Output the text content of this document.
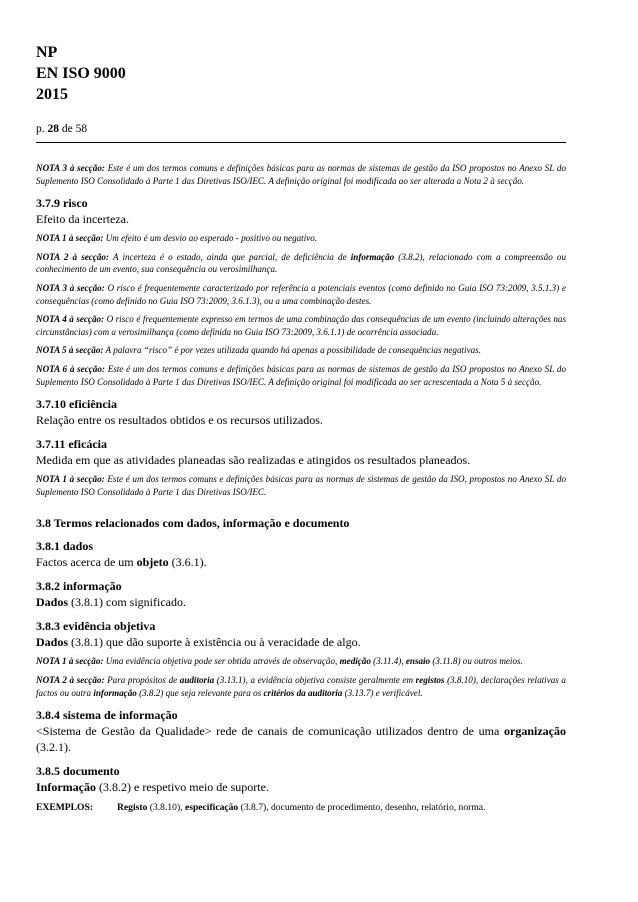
NP
EN ISO 9000
2015
p. 28 de 58

NOTA 3 à secção: Este é um dos termos comuns e definições básicas para as normas de sistemas de gestão da ISO propostos no Anexo SL do Suplemento ISO Consolidado à Parte 1 das Diretivas ISO/IEC. A definição original foi modificada ao ser alterada a Nota 2 à secção.

3.7.9 risco
Efeito da incerteza.

NOTA 1 à secção: Um efeito é um desvio ao esperado - positivo ou negativo.

NOTA 2 à secção: A incerteza é o estado, ainda que parcial, de deficiência de informação (3.8.2), relacionado com a compreensão ou conhecimento de um evento, sua consequência ou verosimilhança.

NOTA 3 à secção: O risco é frequentemente caracterizado por referência a potenciais eventos (como definido no Guia ISO 73:2009, 3.5.1.3) e consequências (como definido no Guia ISO 73:2009, 3.6.1.3), ou a uma combinação destes.

NOTA 4 à secção: O risco é frequentemente expresso em termos de uma combinação das consequências de um evento (incluindo alterações nas circunstâncias) com a verosimilhança (como definida no Guia ISO 73:2009, 3.6.1.1) de ocorrência associada.

NOTA 5 à secção: A palavra “risco” é por vezes utilizada quando há apenas a possibilidade de consequências negativas.

NOTA 6 à secção: Este é um dos termos comuns e definições básicas para as normas de sistemas de gestão da ISO propostos no Anexo SL do Suplemento ISO Consolidado à Parte 1 das Diretivas ISO/IEC. A definição original foi modificada ao ser acrescentada a Nota 5 à secção.

3.7.10 eficiência
Relação entre os resultados obtidos e os recursos utilizados.
3.7.11 eficácia
Medida em que as atividades planeadas são realizadas e atingidos os resultados planeados.

NOTA 1 à secção: Este é um dos termos comuns e definições básicas para as normas de sistemas de gestão da ISO, propostos no Anexo SL do Suplemento ISO Consolidado à Parte 1 das Diretivas ISO/IEC.

3.8 Termos relacionados com dados, informação e documento
3.8.1 dados
Factos acerca de um objeto (3.6.1).
3.8.2 informação
Dados (3.8.1) com significado.
3.8.3 evidência objetiva
Dados (3.8.1) que dão suporte à existência ou à veracidade de algo.

NOTA 1 à secção: Uma evidência objetiva pode ser obtida através de observação, medição (3.11.4), ensaio (3.11.8) ou outros meios.

NOTA 2 à secção: Para propósitos de auditoria (3.13.1), a evidência objetiva consiste geralmente em registos (3.8.10), declarações relativas a factos ou outra informação (3.8.2) que seja relevante para os critérios da auditoria (3.13.7) e verificável.

3.8.4 sistema de informação
<Sistema de Gestão da Qualidade> rede de canais de comunicação utilizados dentro de uma organização (3.2.1).
3.8.5 documento
Informação (3.8.2) e respetivo meio de suporte.
EXEMPLOS:	Registo (3.8.10), especificação (3.8.7), documento de procedimento, desenho, relatório, norma.
